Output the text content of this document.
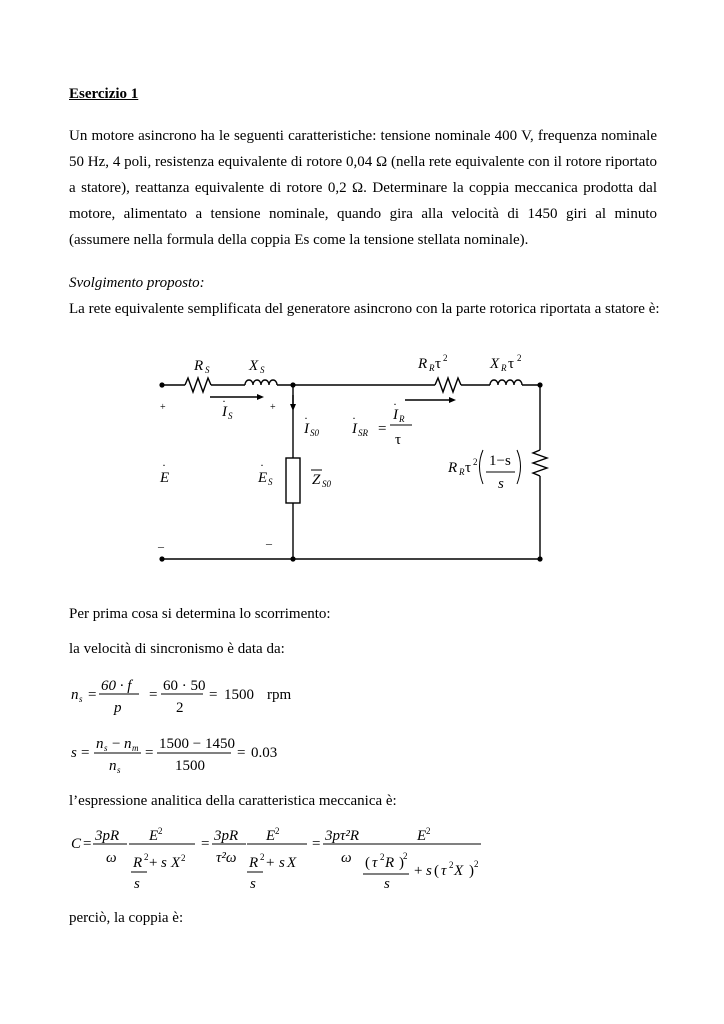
Esercizio 1
Un motore asincrono ha le seguenti caratteristiche: tensione nominale 400 V, frequenza nominale 50 Hz, 4 poli, resistenza equivalente di rotore 0,04 Ω (nella rete equivalente con il rotore riportato a statore), reattanza equivalente di rotore 0,2 Ω. Determinare la coppia meccanica prodotta dal motore, alimentato a tensione nominale, quando gira alla velocità di 1450 giri al minuto (assumere nella formula della coppia Es come la tensione stellata nominale).
Svolgimento proposto:
La rete equivalente semplificata del generatore asincrono con la parte rotorica riportata a statore è:
R S	X S	R R τ 2	X R τ 2
I S
·
I S0
·
I SR
·
=
I R
·
τ
E
·
E S
·
Z S0
R R τ 2 1−s
s
+	+
–	–
Per prima cosa si determina lo scorrimento:
la velocità di sincronismo è data da:
n s =
60 · f
p
=
60 · 50
2
= 1500 rpm
s =
n s − n m
n s
=
1500 − 1450
1500
= 0.03
l’espressione analitica della caratteristica meccanica è:
C = 3pR
ω
E
R
s
+ s X
= 3pR
τ²ω
E
R
s
+ s X
= 3pτ²R
ω
E
( τ R )
s
+ s ( τ X )
2
2	2
2
2
2
2 2
2 2
perciò, la coppia è:
